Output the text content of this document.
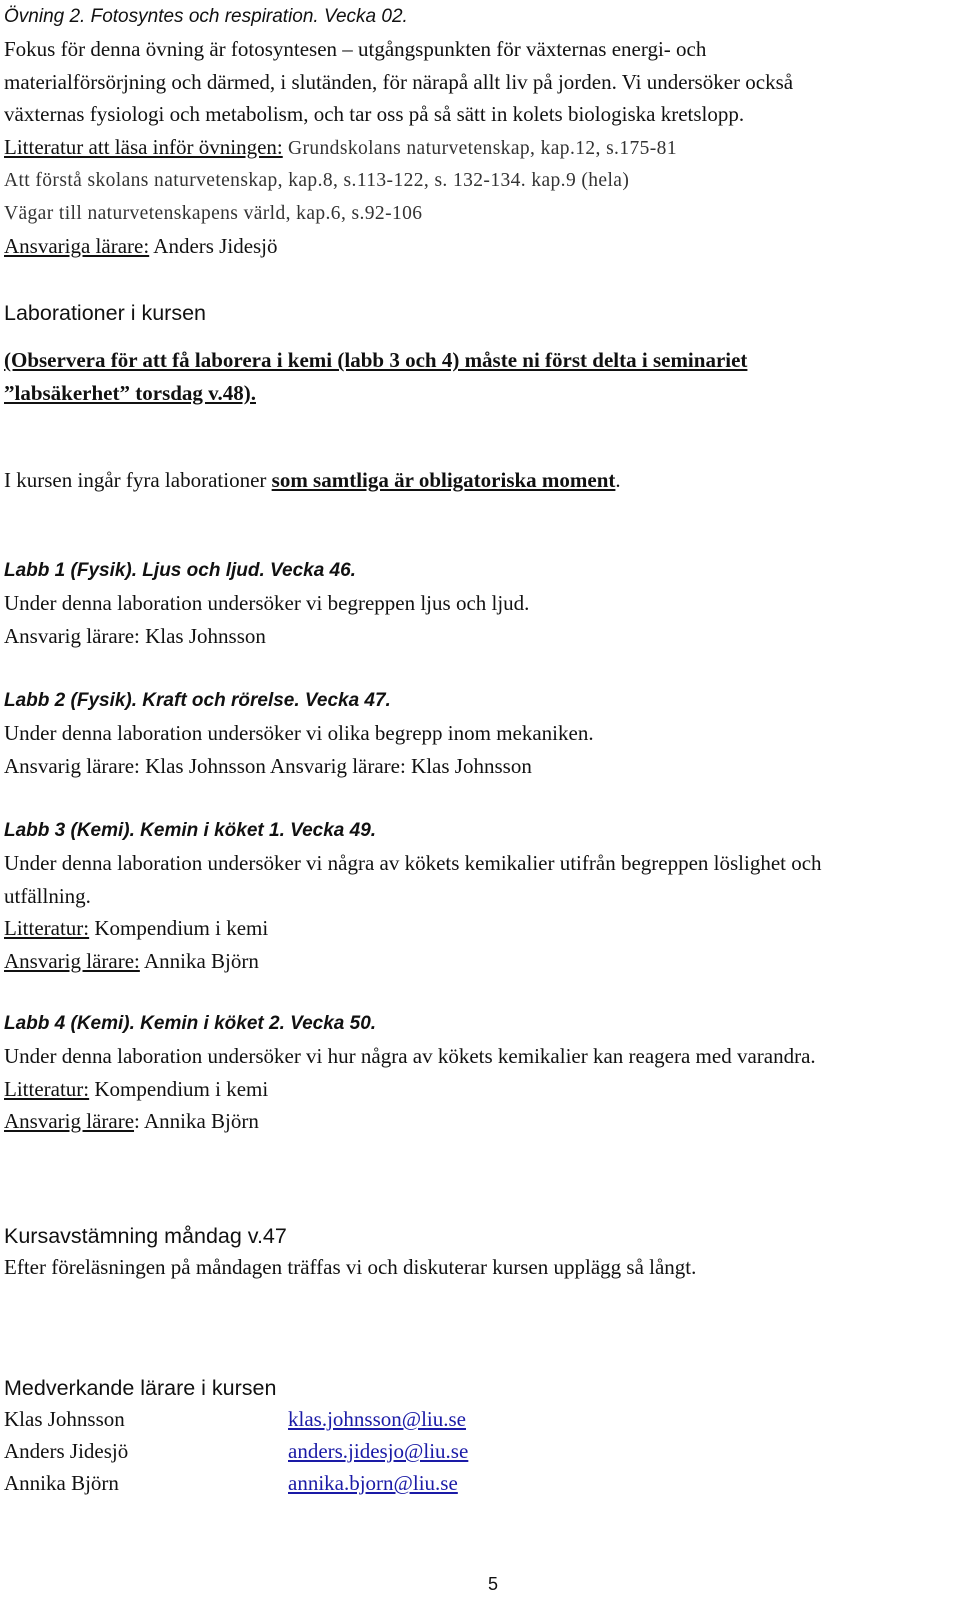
Övning 2. Fotosyntes och respiration. Vecka 02.
Fokus för denna övning är fotosyntesen – utgångspunkten för växternas energi- och
materialförsörjning och därmed, i slutänden, för närapå allt liv på jorden. Vi undersöker också
växternas fysiologi och metabolism, och tar oss på så sätt in kolets biologiska kretslopp.
Litteratur att läsa inför övningen: Grundskolans naturvetenskap, kap.12, s.175-81
Att förstå skolans naturvetenskap, kap.8, s.113-122, s. 132-134. kap.9 (hela)
Vägar till naturvetenskapens värld, kap.6, s.92-106
Ansvariga lärare: Anders Jidesjö
Laborationer i kursen
(Observera för att få laborera i kemi (labb 3 och 4) måste ni först delta i seminariet
”labsäkerhet” torsdag v.48).
I kursen ingår fyra laborationer som samtliga är obligatoriska moment.
Labb 1 (Fysik). Ljus och ljud. Vecka 46.
Under denna laboration undersöker vi begreppen ljus och ljud.
Ansvarig lärare: Klas Johnsson
Labb 2 (Fysik). Kraft och rörelse. Vecka 47.
Under denna laboration undersöker vi olika begrepp inom mekaniken.
Ansvarig lärare: Klas Johnsson Ansvarig lärare: Klas Johnsson
Labb 3 (Kemi). Kemin i köket 1. Vecka 49.
Under denna laboration undersöker vi några av kökets kemikalier utifrån begreppen löslighet och
utfällning.
Litteratur: Kompendium i kemi
Ansvarig lärare: Annika Björn
Labb 4 (Kemi). Kemin i köket 2. Vecka 50.
Under denna laboration undersöker vi hur några av kökets kemikalier kan reagera med varandra.
Litteratur: Kompendium i kemi
Ansvarig lärare: Annika Björn
Kursavstämning måndag v.47
Efter föreläsningen på måndagen träffas vi och diskuterar kursen upplägg så långt.
Medverkande lärare i kursen
Klas Johnsson	klas.johnsson@liu.se
Anders Jidesjö	anders.jidesjo@liu.se
Annika Björn	annika.bjorn@liu.se
5
